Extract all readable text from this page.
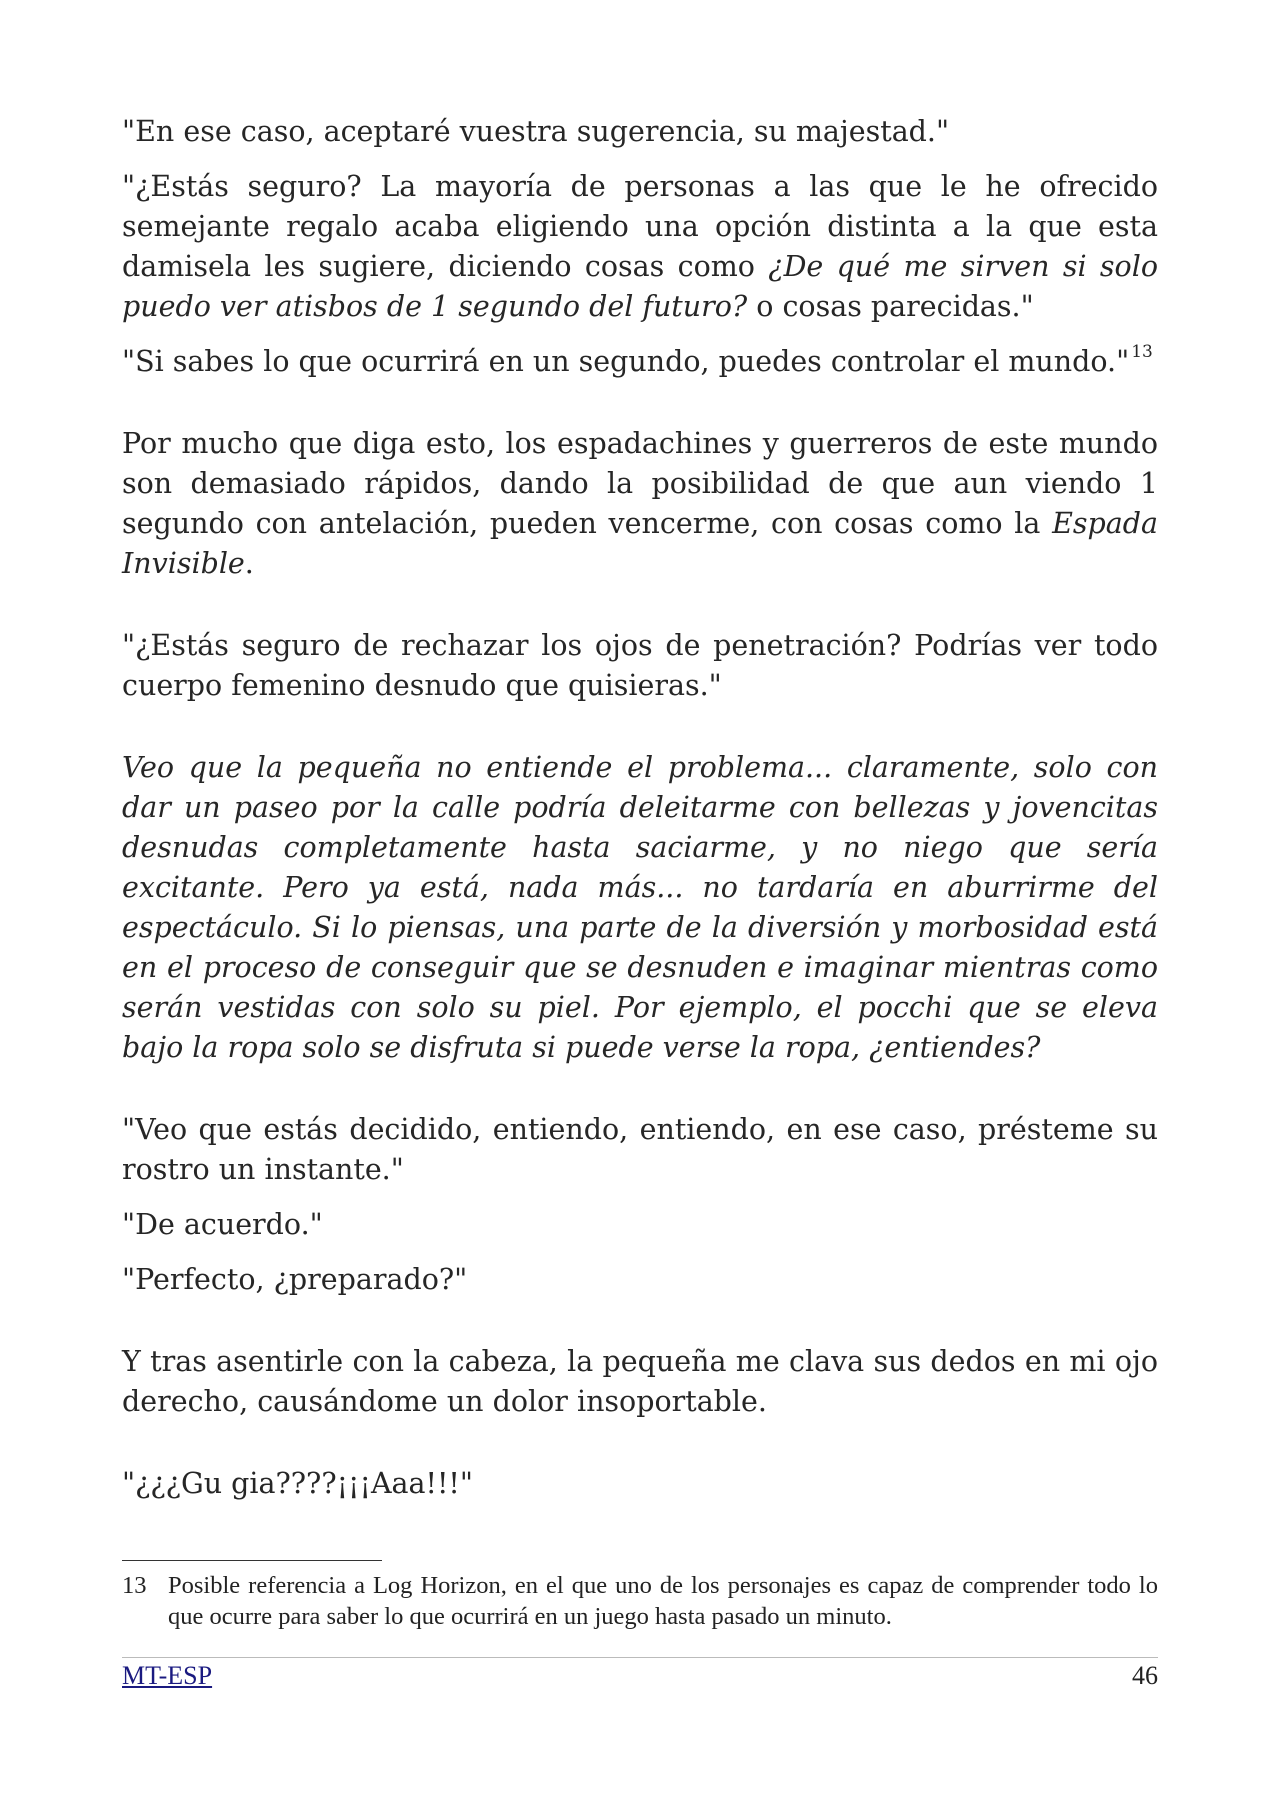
"En ese caso, aceptaré vuestra sugerencia, su majestad."

"¿Estás seguro? La mayoría de personas a las que le he ofrecido semejante regalo acaba eligiendo una opción distinta a la que esta damisela les sugiere, diciendo cosas como ¿De qué me sirven si solo puedo ver atisbos de 1 segundo del futuro? o cosas parecidas."

"Si sabes lo que ocurrirá en un segundo, puedes controlar el mundo." $^{13}$

Por mucho que diga esto, los espadachines y guerreros de este mundo son demasiado rápidos, dando la posibilidad de que aun viendo 1 segundo con antelación, pueden vencerme, con cosas como la Espada Invisible.

"¿Estás seguro de rechazar los ojos de penetración? Podrías ver todo cuerpo femenino desnudo que quisieras."

Veo que la pequeña no entiende el problema... claramente, solo con dar un paseo por la calle podría deleitarme con bellezas y jovencitas desnudas completamente hasta saciarme, y no niego que sería excitante. Pero ya está, nada más... no tardaría en aburrirme del espectáculo. Si lo piensas, una parte de la diversión y morbosidad está en el proceso de conseguir que se desnuden e imaginar mientras como serán vestidas con solo su piel. Por ejemplo, el pocchi que se eleva bajo la ropa solo se disfruta si puede verse la ropa, ¿entiendes?

"Veo que estás decidido, entiendo, entiendo, en ese caso, présteme su rostro un instante."

"De acuerdo."

"Perfecto, ¿preparado?"

Y tras asentirle con la cabeza, la pequeña me clava sus dedos en mi ojo derecho, causándome un dolor insoportable.

"¿¿¿Gu gia????¡¡¡Aaa!!!"

13 Posible referencia a Log Horizon, en el que uno de los personajes es capaz de comprender todo lo que ocurre para saber lo que ocurrirá en un juego hasta pasado un minuto.
MT-ESP	46
